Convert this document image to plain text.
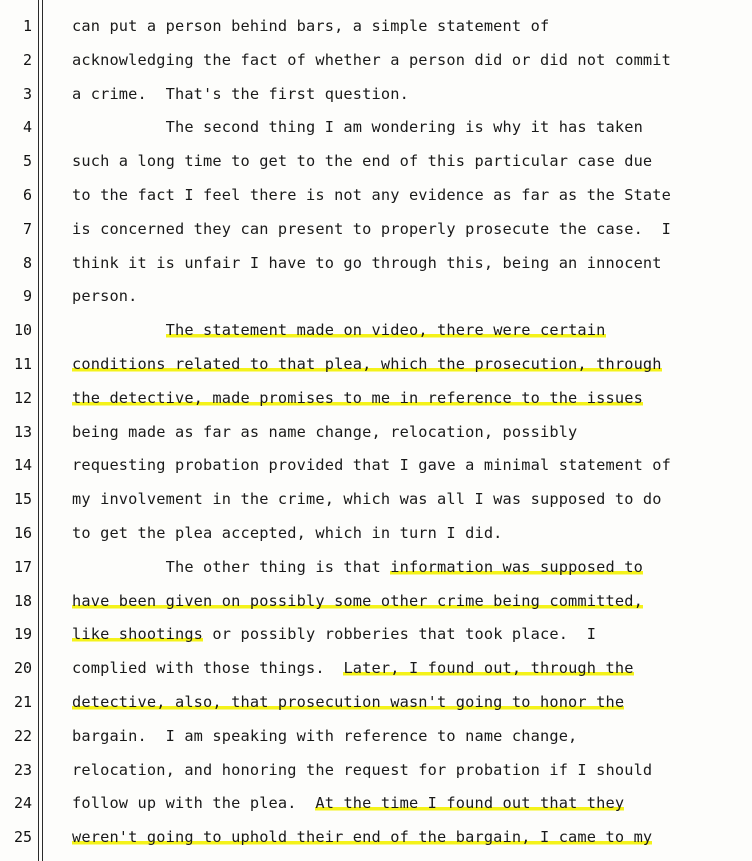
1	can put a person behind bars, a simple statement of
2	acknowledging the fact of whether a person did or did not commit
3	a crime.  That's the first question.
4	The second thing I am wondering is why it has taken
5	such a long time to get to the end of this particular case due
6	to the fact I feel there is not any evidence as far as the State
7	is concerned they can present to properly prosecute the case.  I
8	think it is unfair I have to go through this, being an innocent
9	person.
10	The statement made on video, there were certain
11	conditions related to that plea, which the prosecution, through
12	the detective, made promises to me in reference to the issues
13	being made as far as name change, relocation, possibly
14	requesting probation provided that I gave a minimal statement of
15	my involvement in the crime, which was all I was supposed to do
16	to get the plea accepted, which in turn I did.
17	The other thing is that information was supposed to
18	have been given on possibly some other crime being committed,
19	like shootings or possibly robberies that took place.  I
20	complied with those things.  Later, I found out, through the
21	detective, also, that prosecution wasn't going to honor the
22	bargain.  I am speaking with reference to name change,
23	relocation, and honoring the request for probation if I should
24	follow up with the plea.  At the time I found out that they
25	weren't going to uphold their end of the bargain, I came to my
